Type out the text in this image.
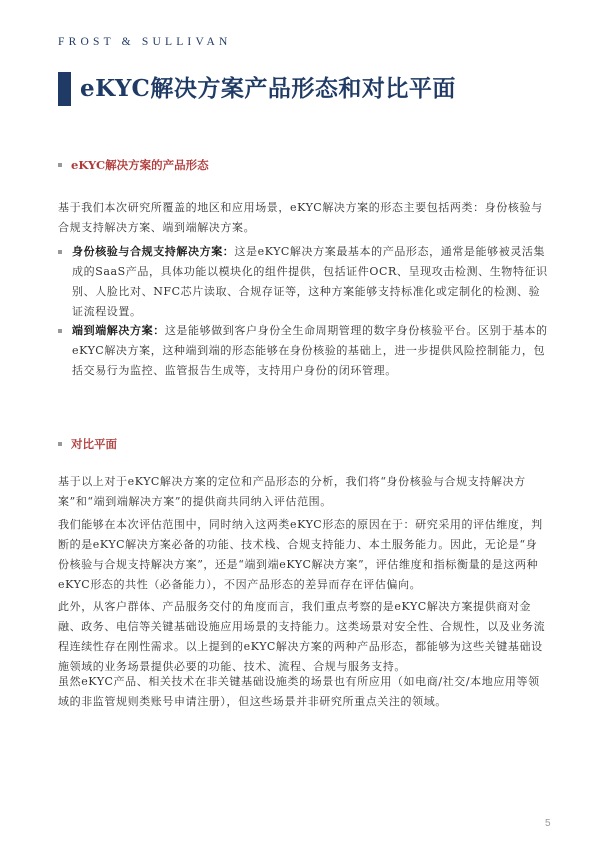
FROST & SULLIVAN
eKYC解决方案产品形态和对比平面
eKYC解决方案的产品形态
基于我们本次研究所覆盖的地区和应用场景，eKYC解决方案的形态主要包括两类：身份核验与合规支持解决方案、端到端解决方案。
身份核验与合规支持解决方案：这是eKYC解决方案最基本的产品形态，通常是能够被灵活集成的SaaS产品，具体功能以模块化的组件提供，包括证件OCR、呈现攻击检测、生物特征识别、人脸比对、NFC芯片读取、合规存证等，这种方案能够支持标准化或定制化的检测、验证流程设置。
端到端解决方案：这是能够做到客户身份全生命周期管理的数字身份核验平台。区别于基本的eKYC解决方案，这种端到端的形态能够在身份核验的基础上，进一步提供风险控制能力，包括交易行为监控、监管报告生成等，支持用户身份的闭环管理。
对比平面
基于以上对于eKYC解决方案的定位和产品形态的分析，我们将“身份核验与合规支持解决方案”和“端到端解决方案”的提供商共同纳入评估范围。
我们能够在本次评估范围中，同时纳入这两类eKYC形态的原因在于：研究采用的评估维度，判断的是eKYC解决方案必备的功能、技术栈、合规支持能力、本土服务能力。因此，无论是“身份核验与合规支持解决方案”，还是“端到端eKYC解决方案”，评估维度和指标衡量的是这两种eKYC形态的共性（必备能力），不因产品形态的差异而存在评估偏向。
此外，从客户群体、产品服务交付的角度而言，我们重点考察的是eKYC解决方案提供商对金融、政务、电信等关键基础设施应用场景的支持能力。这类场景对安全性、合规性，以及业务流程连续性存在刚性需求。以上提到的eKYC解决方案的两种产品形态，都能够为这些关键基础设施领域的业务场景提供必要的功能、技术、流程、合规与服务支持。
虽然eKYC产品、相关技术在非关键基础设施类的场景也有所应用（如电商/社交/本地应用等领域的非监管规则类账号申请注册），但这些场景并非研究所重点关注的领域。
5
